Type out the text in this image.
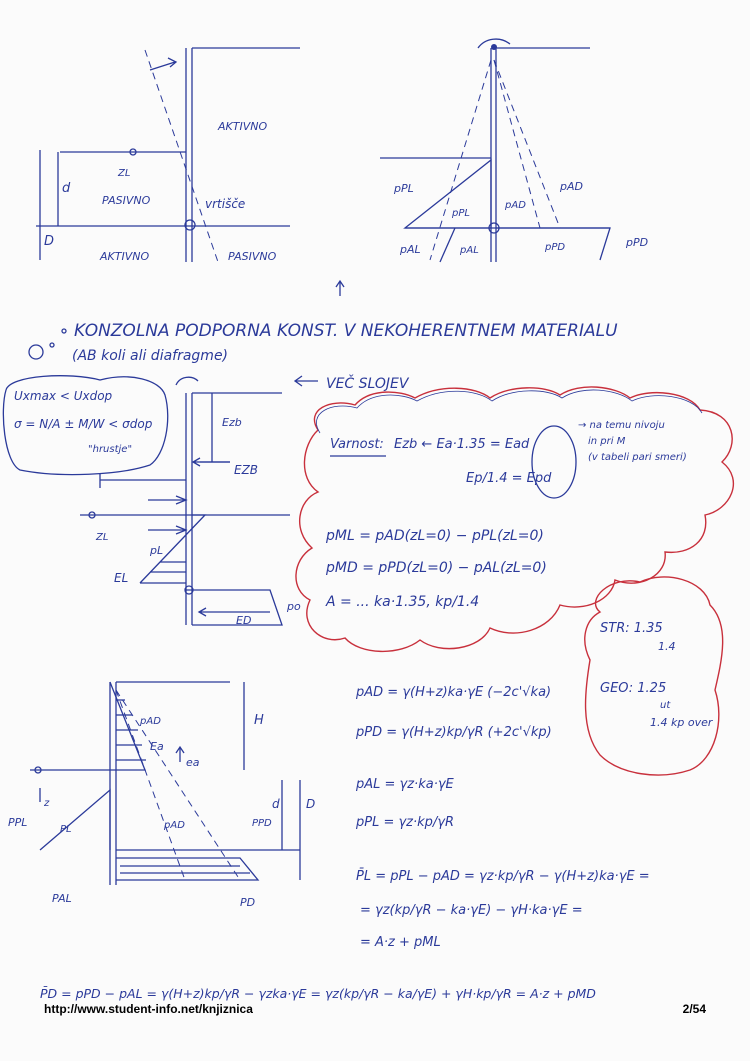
AKTIVNO
PASIVNO
AKTIVNO	PASIVNO
vrtišče
d
D
ZL
pPL
pPL
pAD
pAD
pAL	pAL	pPD	pPD
KONZOLNA PODPORNA KONST. V NEKOHERENTNEM MATERIALU
(AB koli ali diafragme)
Uxmax < Uxdop
σ = N/A ± M/W < σdop
"hrustje"
VEČ SLOJEV
Ezb
EZB
ZL
pL
EL
ED
po
Varnost: Ezb ← Ea·1.35 = Ead
Ep/1.4 = Epd
→ na temu nivoju
in pri M
(v tabeli pari smeri)
pML = pAD(zL=0) − pPL(zL=0)
pMD = pPD(zL=0) − pAL(zL=0)
A = ... ka·1.35, kp/1.4
STR: 1.35
1.4
GEO: 1.25
ut
1.4 kp over
pAD
Ea
ea
H
z
PPL
PL	pAD	PPD
d D
PAL	PD
pAD = γ(H+z)ka·γE (−2c'√ka)
pPD = γ(H+z)kp/γR (+2c'√kp)
pAL = γz·ka·γE
pPL = γz·kp/γR
P̄L = pPL − pAD = γz·kp/γR − γ(H+z)ka·γE =
= γz(kp/γR − ka·γE) − γH·ka·γE =
= A·z + pML
P̄D = pPD − pAL = γ(H+z)kp/γR − γzka·γE = γz(kp/γR − ka/γE) + γH·kp/γR = A·z + pMD
http://www.student-info.net/knjiznica	2/54
